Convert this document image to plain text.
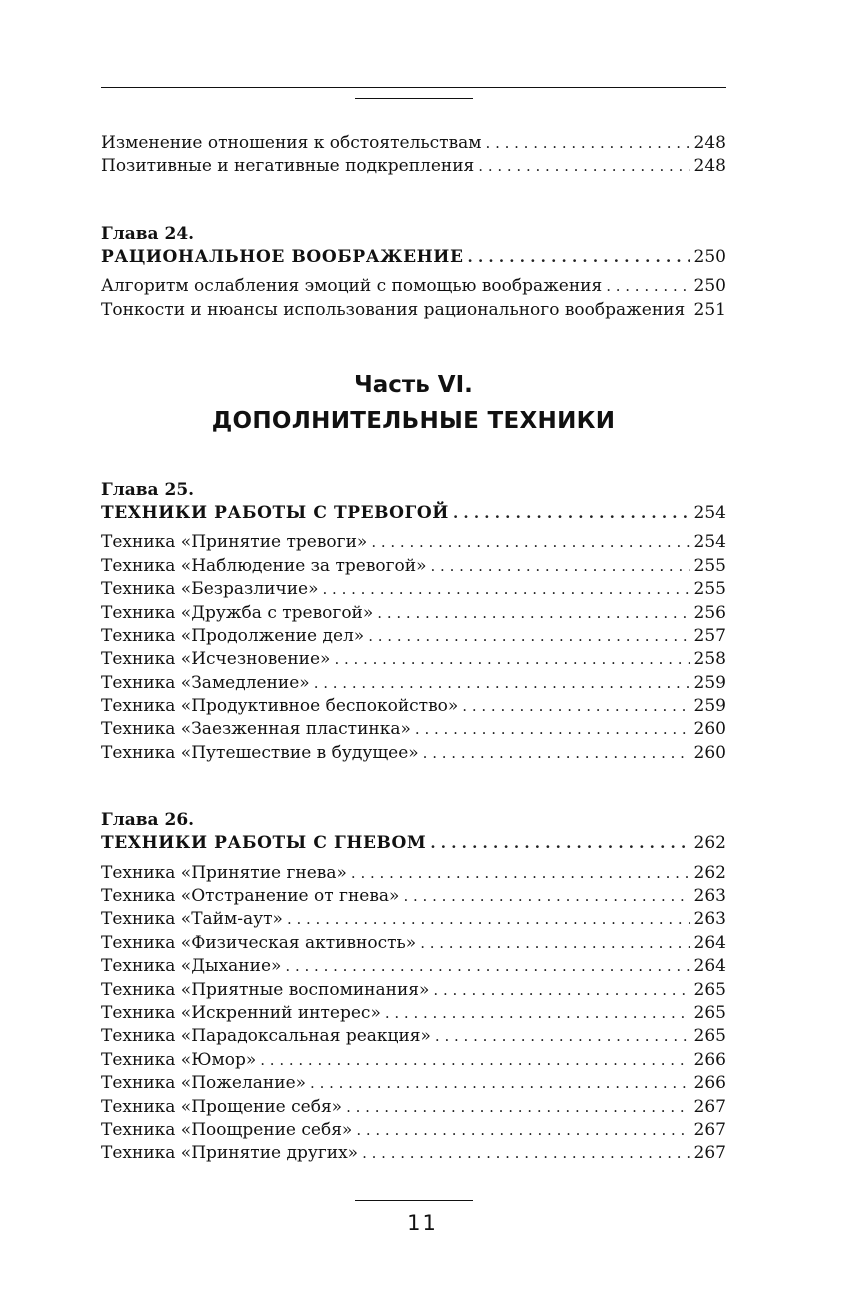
Изменение отношения к обстоятельствам . . .	248
Позитивные и негативные подкрепления . . .	248
Глава 24.
РАЦИОНАЛЬНОЕ ВООБРАЖЕНИЕ . . .	250
Алгоритм ослабления эмоций с помощью воображения . . .	250
Тонкости и нюансы использования рационального воображения 251
Часть VI.
ДОПОЛНИТЕЛЬНЫЕ ТЕХНИКИ
Глава 25.
ТЕХНИКИ РАБОТЫ С ТРЕВОГОЙ . . .	254
Техника «Принятие тревоги» . . .	254
Техника «Наблюдение за тревогой» . . .	255
Техника «Безразличие» . . .	255
Техника «Дружба с тревогой» . . .	256
Техника «Продолжение дел» . . .	257
Техника «Исчезновение» . . .	258
Техника «Замедление» . . .	259
Техника «Продуктивное беспокойство» . . .	259
Техника «Заезженная пластинка» . . .	260
Техника «Путешествие в будущее» . . .	260
Глава 26.
ТЕХНИКИ РАБОТЫ С ГНЕВОМ . . .	262
Техника «Принятие гнева» . . .	262
Техника «Отстранение от гнева» . . .	263
Техника «Тайм-аут» . . .	263
Техника «Физическая активность» . . .	264
Техника «Дыхание» . . .	264
Техника «Приятные воспоминания» . . .	265
Техника «Искренний интерес» . . .	265
Техника «Парадоксальная реакция» . . .	265
Техника «Юмор» . . .	266
Техника «Пожелание» . . .	266
Техника «Прощение себя» . . .	267
Техника «Поощрение себя» . . .	267
Техника «Принятие других» . . .	267
11
